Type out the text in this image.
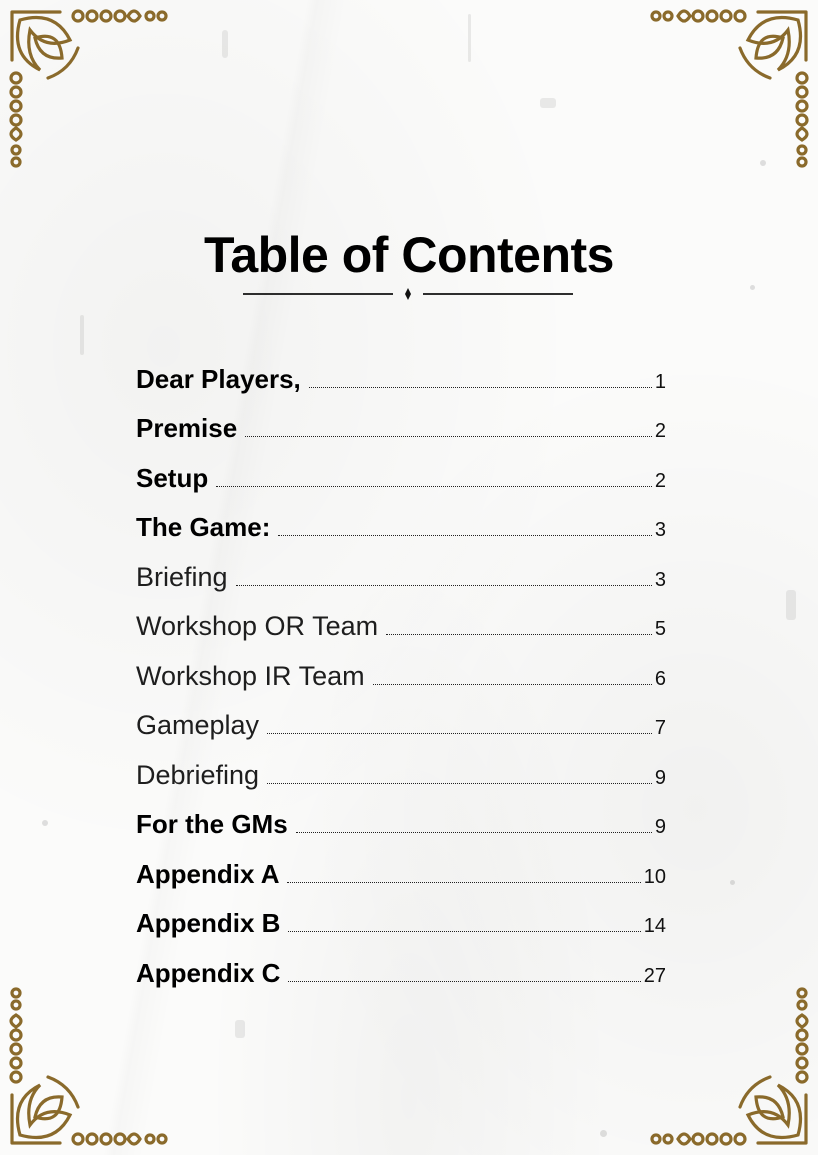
Table of Contents
Dear Players,	1
Premise	2
Setup	2
The Game:	3
Briefing	3
Workshop OR Team	5
Workshop IR Team	6
Gameplay	7
Debriefing	9
For the GMs	9
Appendix A	10
Appendix B	14
Appendix C	27
